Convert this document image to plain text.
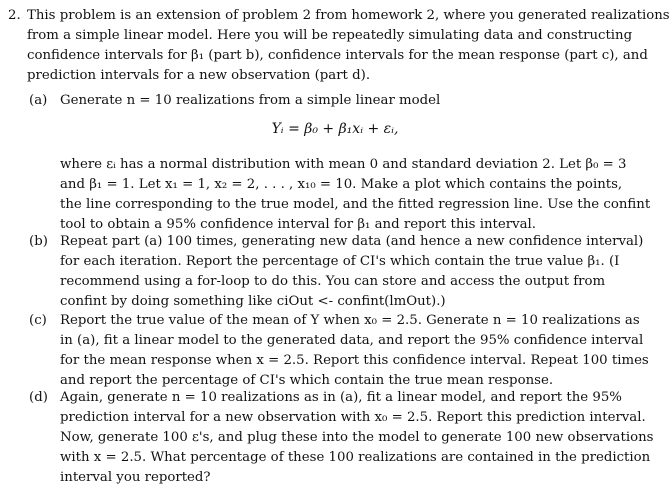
2. This problem is an extension of problem 2 from homework 2, where you generated realizations
from a simple linear model. Here you will be repeatedly simulating data and constructing
confidence intervals for β₁ (part b), confidence intervals for the mean response (part c), and
prediction intervals for a new observation (part d).
(a) Generate n = 10 realizations from a simple linear model
Yᵢ = β₀ + β₁xᵢ + εᵢ,
where εᵢ has a normal distribution with mean 0 and standard deviation 2. Let β₀ = 3
and β₁ = 1. Let x₁ = 1, x₂ = 2, . . . , x₁₀ = 10. Make a plot which contains the points,
the line corresponding to the true model, and the fitted regression line. Use the confint
tool to obtain a 95% confidence interval for β₁ and report this interval.
(b) Repeat part (a) 100 times, generating new data (and hence a new confidence interval)
for each iteration. Report the percentage of CI's which contain the true value β₁. (I
recommend using a for-loop to do this. You can store and access the output from
confint by doing something like ciOut <- confint(lmOut).)
(c) Report the true value of the mean of Y when x₀ = 2.5. Generate n = 10 realizations as
in (a), fit a linear model to the generated data, and report the 95% confidence interval
for the mean response when x = 2.5. Report this confidence interval. Repeat 100 times
and report the percentage of CI's which contain the true mean response.
(d) Again, generate n = 10 realizations as in (a), fit a linear model, and report the 95%
prediction interval for a new observation with x₀ = 2.5. Report this prediction interval.
Now, generate 100 ε's, and plug these into the model to generate 100 new observations
with x = 2.5. What percentage of these 100 realizations are contained in the prediction
interval you reported?
